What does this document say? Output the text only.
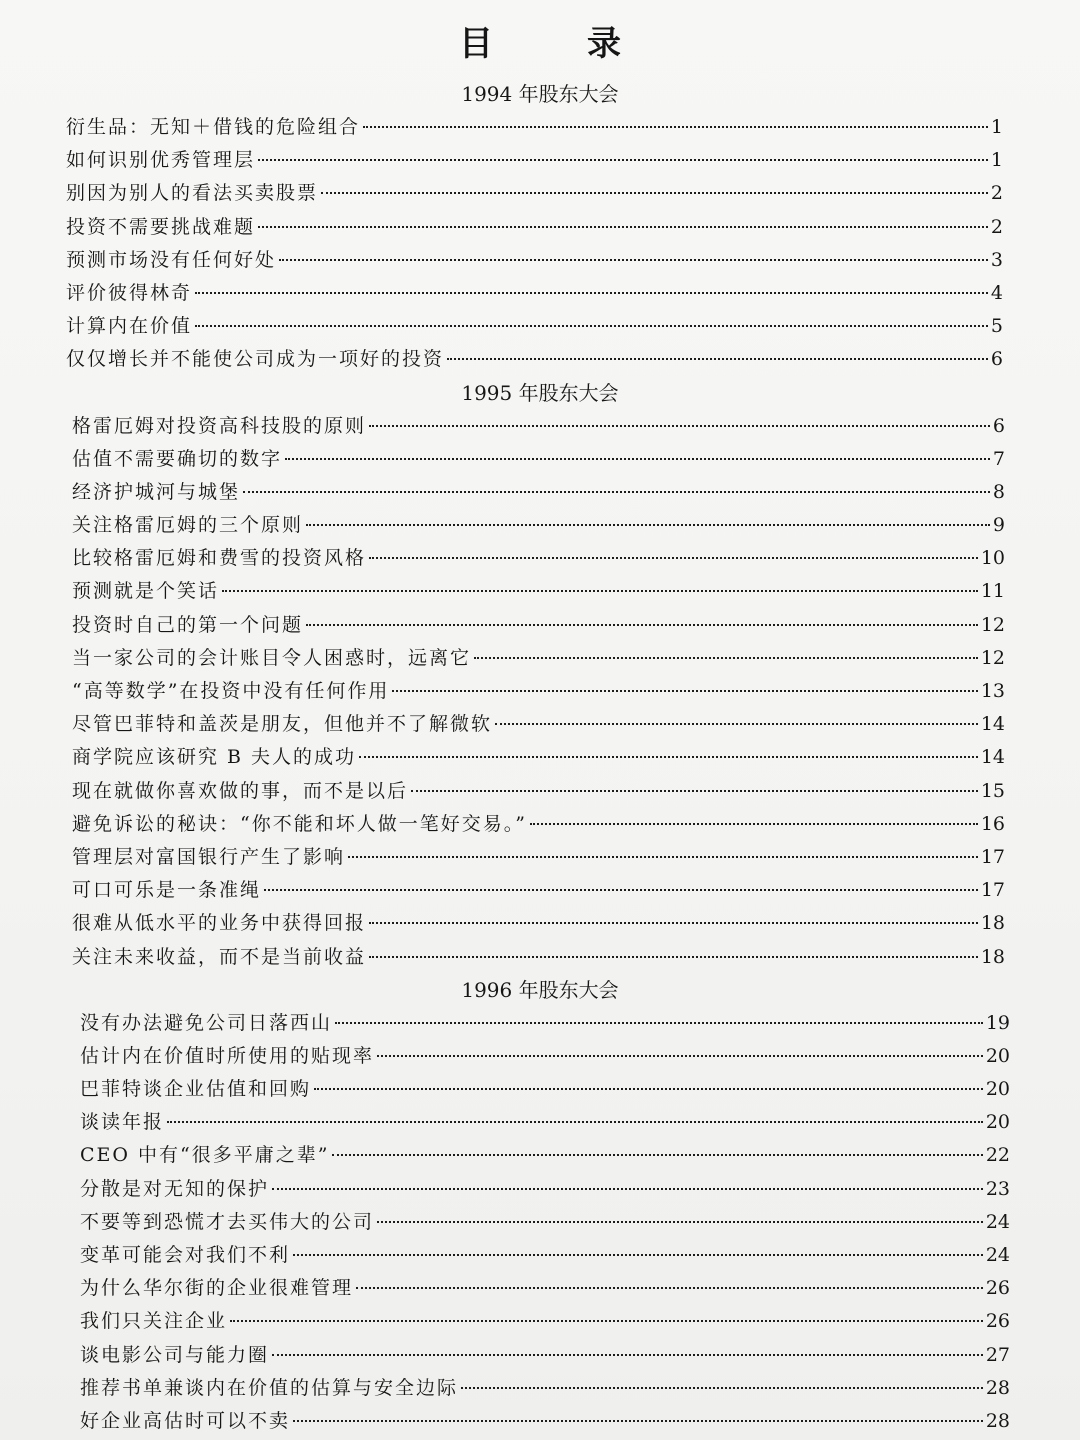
目　录
1994 年股东大会
衍生品：无知＋借钱的危险组合	1
如何识别优秀管理层	1
别因为别人的看法买卖股票	2
投资不需要挑战难题	2
预测市场没有任何好处	3
评价彼得林奇	4
计算内在价值	5
仅仅增长并不能使公司成为一项好的投资	6
1995 年股东大会
格雷厄姆对投资高科技股的原则	6
估值不需要确切的数字	7
经济护城河与城堡	8
关注格雷厄姆的三个原则	9
比较格雷厄姆和费雪的投资风格	10
预测就是个笑话	11
投资时自己的第一个问题	12
当一家公司的会计账目令人困惑时，远离它	12
“高等数学”在投资中没有任何作用	13
尽管巴菲特和盖茨是朋友，但他并不了解微软	14
商学院应该研究 B 夫人的成功	14
现在就做你喜欢做的事，而不是以后	15
避免诉讼的秘诀：“你不能和坏人做一笔好交易。”	16
管理层对富国银行产生了影响	17
可口可乐是一条准绳	17
很难从低水平的业务中获得回报	18
关注未来收益，而不是当前收益	18
1996 年股东大会
没有办法避免公司日落西山	19
估计内在价值时所使用的贴现率	20
巴菲特谈企业估值和回购	20
谈读年报	20
CEO 中有“很多平庸之辈”	22
分散是对无知的保护	23
不要等到恐慌才去买伟大的公司	24
变革可能会对我们不利	24
为什么华尔街的企业很难管理	26
我们只关注企业	26
谈电影公司与能力圈	27
推荐书单兼谈内在价值的估算与安全边际	28
好企业高估时可以不卖	28
